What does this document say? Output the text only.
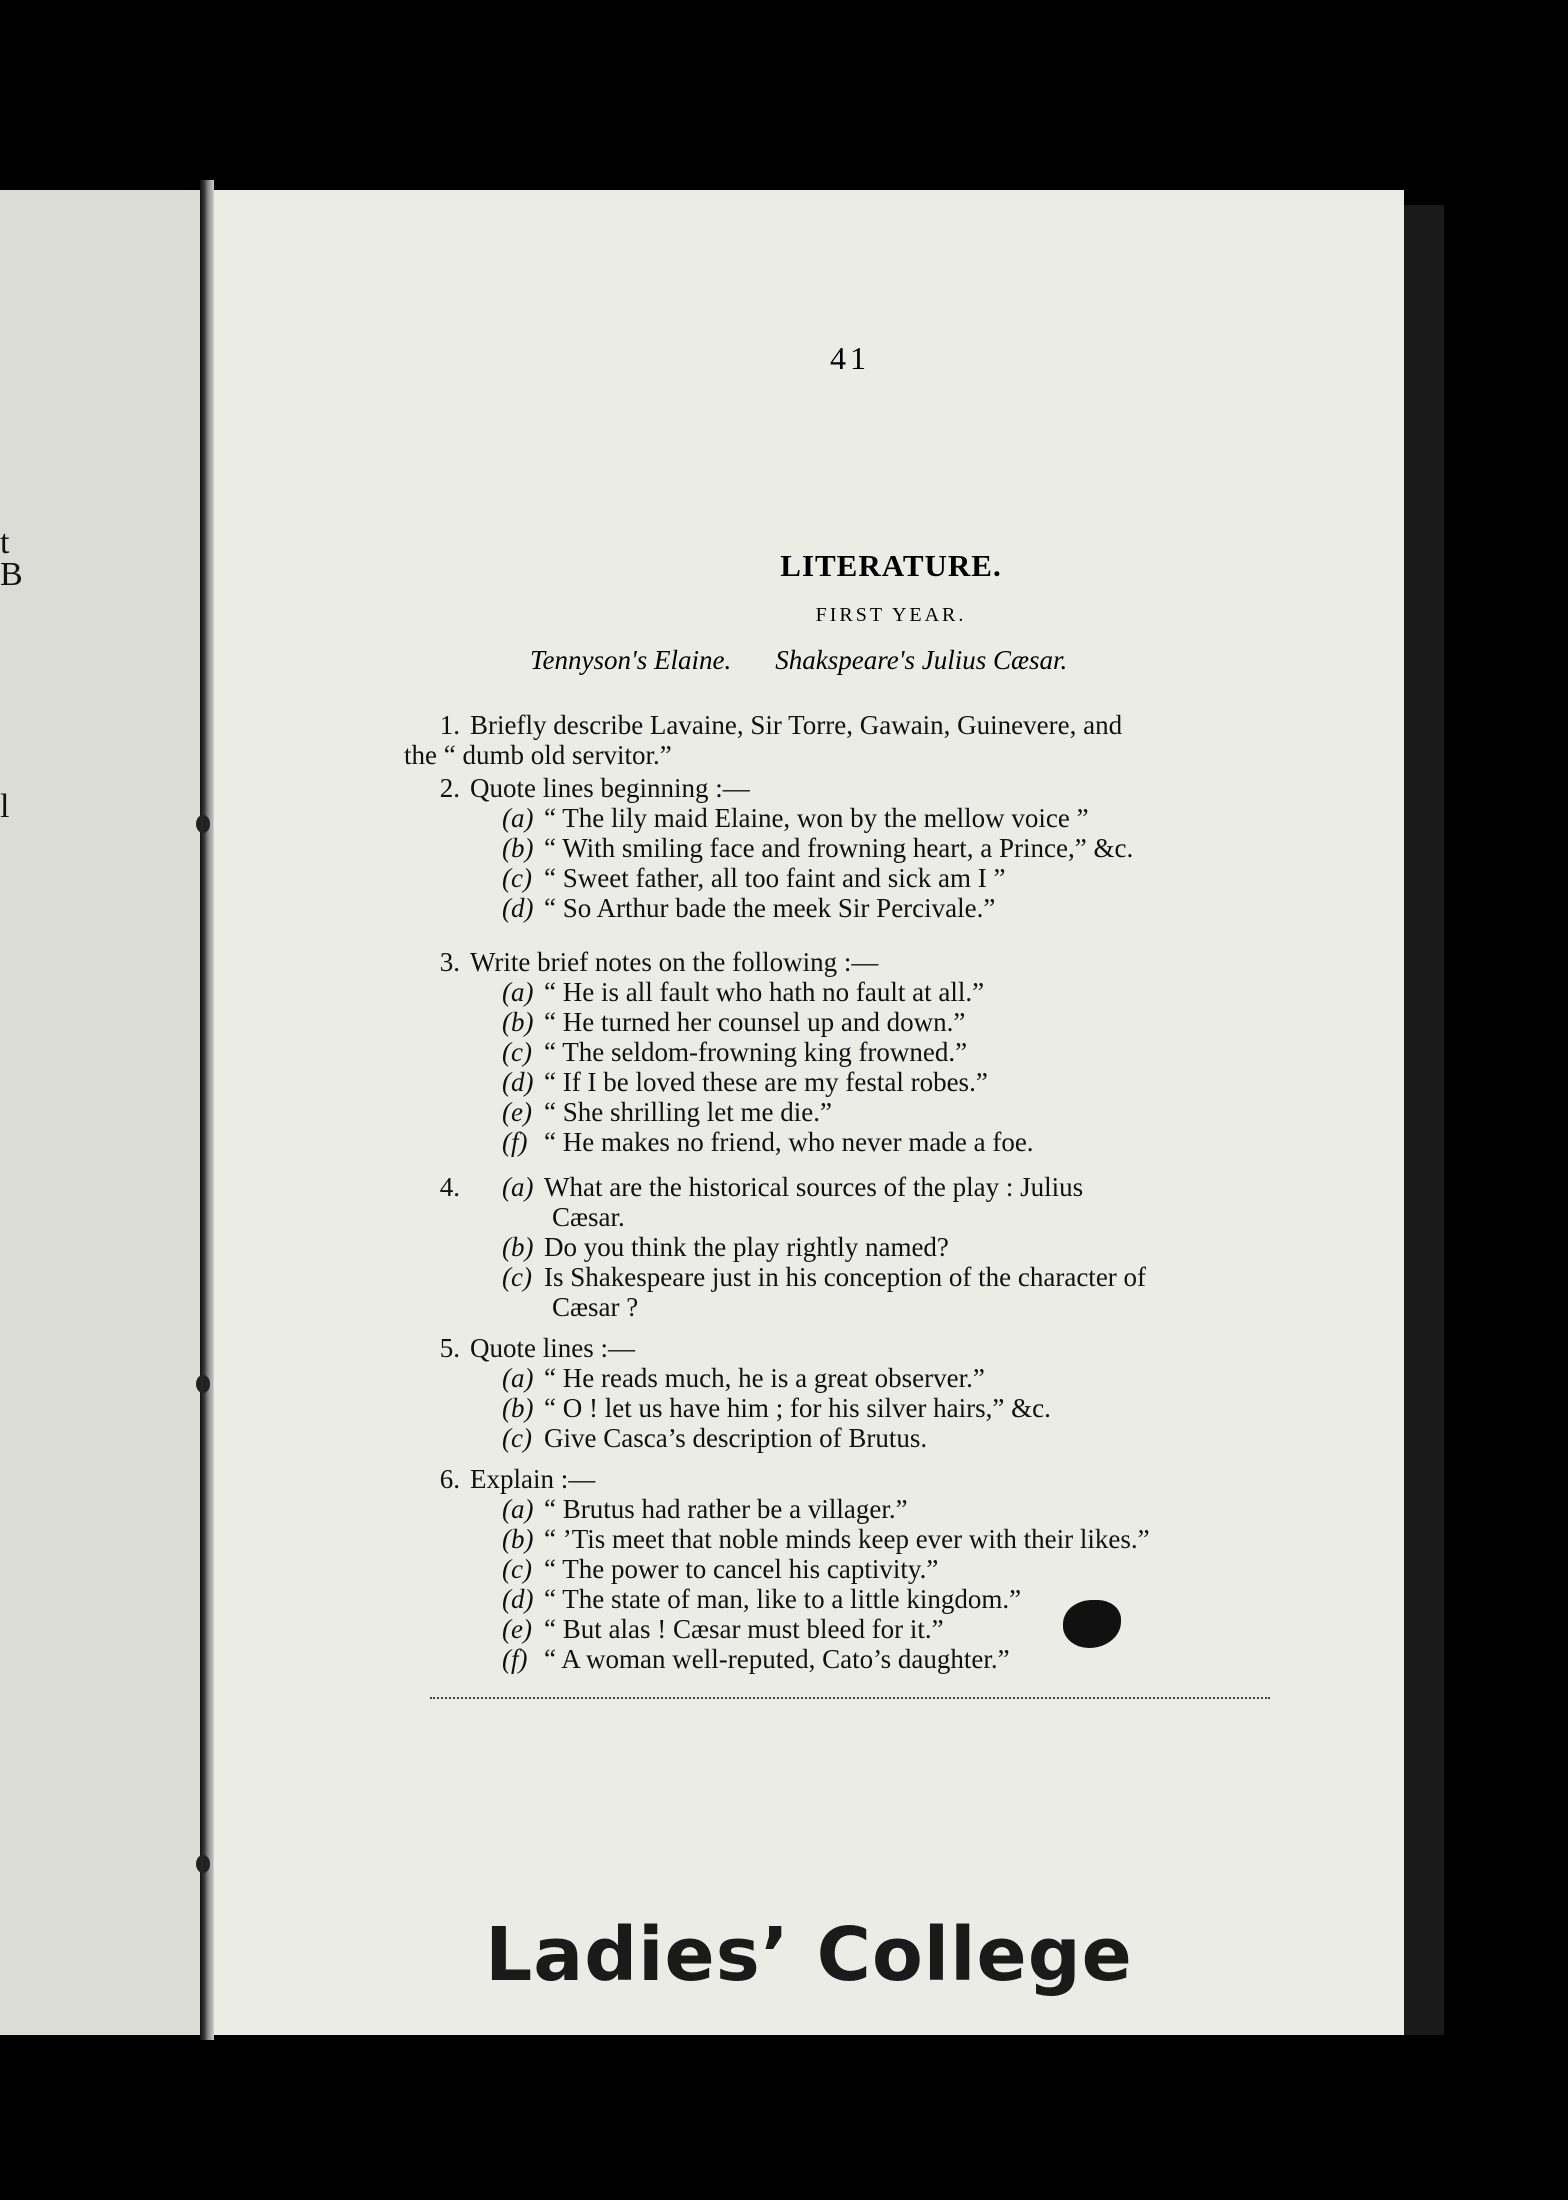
t
B
l
41
LITERATURE.
FIRST YEAR.
Tennyson's Elaine. Shakspeare's Julius Cæsar.
1. Briefly describe Lavaine, Sir Torre, Gawain, Guinevere, and
the “ dumb old servitor.”
2. Quote lines beginning :—
(a) “ The lily maid Elaine, won by the mellow voice ”
(b) “ With smiling face and frowning heart, a Prince,” &c.
(c) “ Sweet father, all too faint and sick am I ”
(d) “ So Arthur bade the meek Sir Percivale.”
3. Write brief notes on the following :—
(a) “ He is all fault who hath no fault at all.”
(b) “ He turned her counsel up and down.”
(c) “ The seldom-frowning king frowned.”
(d) “ If I be loved these are my festal robes.”
(e) “ She shrilling let me die.”
(f) “ He makes no friend, who never made a foe.
4. (a) What are the historical sources of the play : Julius
Cæsar.
(b) Do you think the play rightly named?
(c) Is Shakespeare just in his conception of the character of
Cæsar ?
5. Quote lines :—
(a) “ He reads much, he is a great observer.”
(b) “ O ! let us have him ; for his silver hairs,” &c.
(c) Give Casca’s description of Brutus.
6. Explain :—
(a) “ Brutus had rather be a villager.”
(b) “ ’Tis meet that noble minds keep ever with their likes.”
(c) “ The power to cancel his captivity.”
(d) “ The state of man, like to a little kingdom.”
(e) “ But alas ! Cæsar must bleed for it.”
(f) “ A woman well-reputed, Cato’s daughter.”
Ladies’ College
